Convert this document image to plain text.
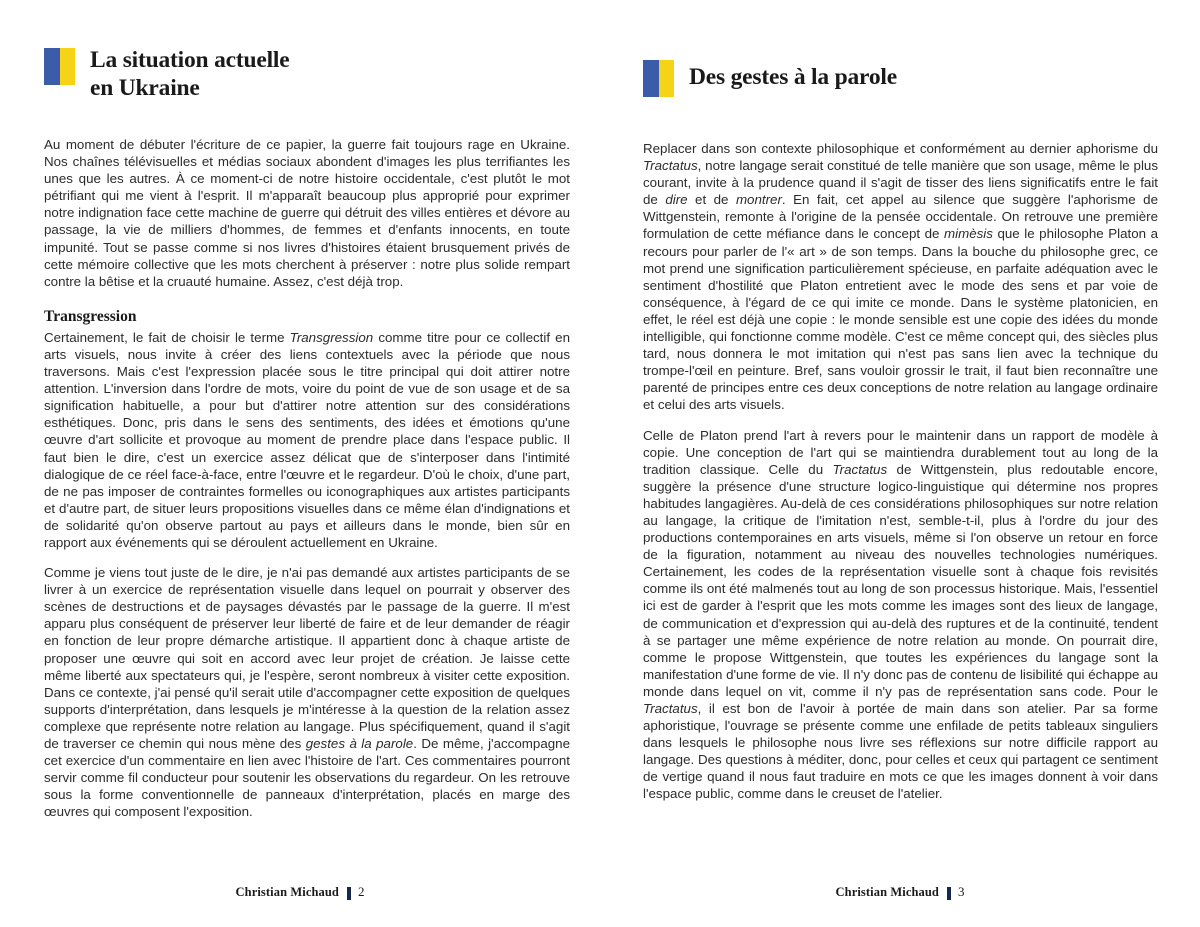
La situation actuelle
en Ukraine

Au moment de débuter l'écriture de ce papier, la guerre fait toujours rage en Ukraine. Nos chaînes télévisuelles et médias sociaux abondent d'images les plus terrifiantes les unes que les autres. À ce moment-ci de notre histoire occidentale, c'est plutôt le mot pétrifiant qui me vient à l'esprit. Il m'apparaît beaucoup plus approprié pour exprimer notre indignation face cette machine de guerre qui détruit des villes entières et dévore au passage, la vie de milliers d'hommes, de femmes et d'enfants innocents, en toute impunité. Tout se passe comme si nos livres d'histoires étaient brusquement privés de cette mémoire collective que les mots cherchent à préserver : notre plus solide rempart contre la bêtise et la cruauté humaine. Assez, c'est déjà trop.

Transgression

Certainement, le fait de choisir le terme Transgression comme titre pour ce collectif en arts visuels, nous invite à créer des liens contextuels avec la période que nous traversons. Mais c'est l'expression placée sous le titre principal qui doit attirer notre attention. L'inversion dans l'ordre de mots, voire du point de vue de son usage et de sa signification habituelle, a pour but d'attirer notre attention sur des considérations esthétiques. Donc, pris dans le sens des sentiments, des idées et émotions qu'une œuvre d'art sollicite et provoque au moment de prendre place dans l'espace public. Il faut bien le dire, c'est un exercice assez délicat que de s'interposer dans l'intimité dialogique de ce réel face-à-face, entre l'œuvre et le regardeur. D'où le choix, d'une part, de ne pas imposer de contraintes formelles ou iconographiques aux artistes participants et d'autre part, de situer leurs propositions visuelles dans ce même élan d'indignations et de solidarité qu'on observe partout au pays et ailleurs dans le monde, bien sûr en rapport aux événements qui se déroulent actuellement en Ukraine.

Comme je viens tout juste de le dire, je n'ai pas demandé aux artistes participants de se livrer à un exercice de représentation visuelle dans lequel on pourrait y observer des scènes de destructions et de paysages dévastés par le passage de la guerre. Il m'est apparu plus conséquent de préserver leur liberté de faire et de leur demander de réagir en fonction de leur propre démarche artistique. Il appartient donc à chaque artiste de proposer une œuvre qui soit en accord avec leur projet de création. Je laisse cette même liberté aux spectateurs qui, je l'espère, seront nombreux à visiter cette exposition. Dans ce contexte, j'ai pensé qu'il serait utile d'accompagner cette exposition de quelques supports d'interprétation, dans lesquels je m'intéresse à la question de la relation assez complexe que représente notre relation au langage. Plus spécifiquement, quand il s'agit de traverser ce chemin qui nous mène des gestes à la parole. De même, j'accompagne cet exercice d'un commentaire en lien avec l'histoire de l'art. Ces commentaires pourront servir comme fil conducteur pour soutenir les observations du regardeur. On les retrouve sous la forme conventionnelle de panneaux d'interprétation, placés en marge des œuvres qui composent l'exposition.

Christian Michaud 2
Des gestes à la parole

Replacer dans son contexte philosophique et conformément au dernier aphorisme du Tractatus, notre langage serait constitué de telle manière que son usage, même le plus courant, invite à la prudence quand il s'agit de tisser des liens significatifs entre le fait de dire et de montrer. En fait, cet appel au silence que suggère l'aphorisme de Wittgenstein, remonte à l'origine de la pensée occidentale. On retrouve une première formulation de cette méfiance dans le concept de mimèsis que le philosophe Platon a recours pour parler de l'« art » de son temps. Dans la bouche du philosophe grec, ce mot prend une signification particulièrement spécieuse, en parfaite adéquation avec le sentiment d'hostilité que Platon entretient avec le mode des sens et par voie de conséquence, à l'égard de ce qui imite ce monde. Dans le système platonicien, en effet, le réel est déjà une copie : le monde sensible est une copie des idées du monde intelligible, qui fonctionne comme modèle. C'est ce même concept qui, des siècles plus tard, nous donnera le mot imitation qui n'est pas sans lien avec la technique du trompe-l'œil en peinture. Bref, sans vouloir grossir le trait, il faut bien reconnaître une parenté de principes entre ces deux conceptions de notre relation au langage ordinaire et celui des arts visuels.

Celle de Platon prend l'art à revers pour le maintenir dans un rapport de modèle à copie. Une conception de l'art qui se maintiendra durablement tout au long de la tradition classique. Celle du Tractatus de Wittgenstein, plus redoutable encore, suggère la présence d'une structure logico-linguistique qui détermine nos propres habitudes langagières. Au-delà de ces considérations philosophiques sur notre relation au langage, la critique de l'imitation n'est, semble-t-il, plus à l'ordre du jour des productions contemporaines en arts visuels, même si l'on observe un retour en force de la figuration, notamment au niveau des nouvelles technologies numériques. Certainement, les codes de la représentation visuelle sont à chaque fois revisités comme ils ont été malmenés tout au long de son processus historique. Mais, l'essentiel ici est de garder à l'esprit que les mots comme les images sont des lieux de langage, de communication et d'expression qui au-delà des ruptures et de la continuité, tendent à se partager une même expérience de notre relation au monde. On pourrait dire, comme le propose Wittgenstein, que toutes les expériences du langage sont la manifestation d'une forme de vie. Il n'y donc pas de contenu de lisibilité qui échappe au monde dans lequel on vit, comme il n'y pas de représentation sans code. Pour le Tractatus, il est bon de l'avoir à portée de main dans son atelier. Par sa forme aphoristique, l'ouvrage se présente comme une enfilade de petits tableaux singuliers dans lesquels le philosophe nous livre ses réflexions sur notre difficile rapport au langage. Des questions à méditer, donc, pour celles et ceux qui partagent ce sentiment de vertige quand il nous faut traduire en mots ce que les images donnent à voir dans l'espace public, comme dans le creuset de l'atelier.

Christian Michaud 3
